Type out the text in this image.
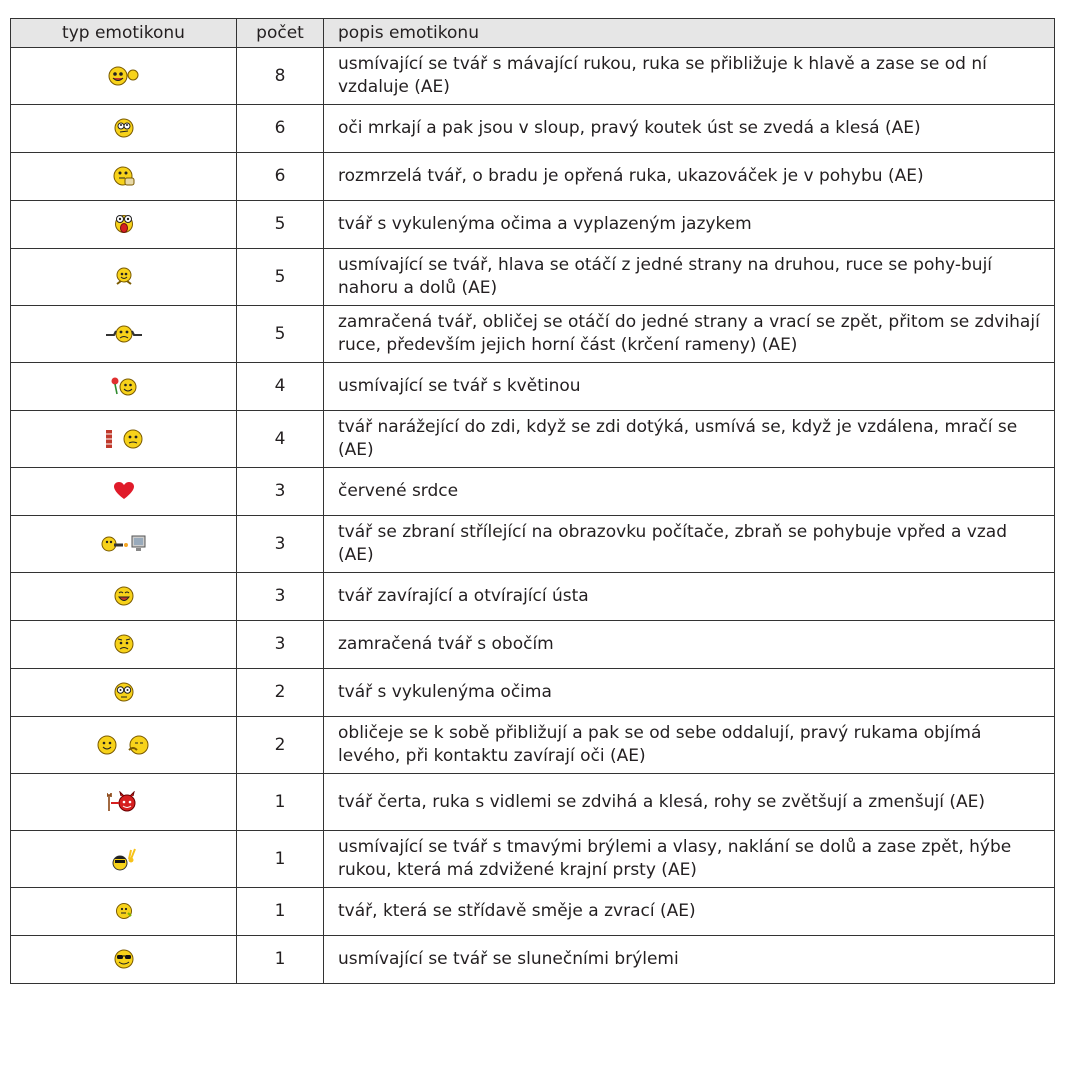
typ emotikonu	počet	popis emotikonu
	8	usmívající se tvář s mávající rukou, ruka se přibližuje k hlavě a zase se od ní vzdaluje (AE)
	6	oči mrkají a pak jsou v sloup, pravý koutek úst se zvedá a klesá (AE)
	6	rozmrzelá tvář, o bradu je opřená ruka, ukazováček je v pohybu (AE)
	5	tvář s vykulenýma očima a vyplazeným jazykem
	5	usmívající se tvář, hlava se otáčí z jedné strany na druhou, ruce se pohy-bují nahoru a dolů (AE)
	5	zamračená tvář, obličej se otáčí do jedné strany a vrací se zpět, přitom se zdvihají ruce, především jejich horní část (krčení rameny) (AE)
	4	usmívající se tvář s květinou
	4	tvář narážející do zdi, když se zdi dotýká, usmívá se, když je vzdálena, mračí se (AE)
	3	červené srdce
	3	tvář se zbraní střílející na obrazovku počítače, zbraň se pohybuje vpřed a vzad (AE)
	3	tvář zavírající a otvírající ústa
	3	zamračená tvář s obočím
	2	tvář s vykulenýma očima
	2	obličeje se k sobě přibližují a pak se od sebe oddalují, pravý rukama objímá levého, při kontaktu zavírají oči (AE)
	1	tvář čerta, ruka s vidlemi se zdvihá a klesá, rohy se zvětšují a zmenšují (AE)
	1	usmívající se tvář s tmavými brýlemi a vlasy, naklání se dolů a zase zpět, hýbe rukou, která má zdvižené krajní prsty (AE)
	1	tvář, která se střídavě směje a zvrací (AE)
	1	usmívající se tvář se slunečními brýlemi
